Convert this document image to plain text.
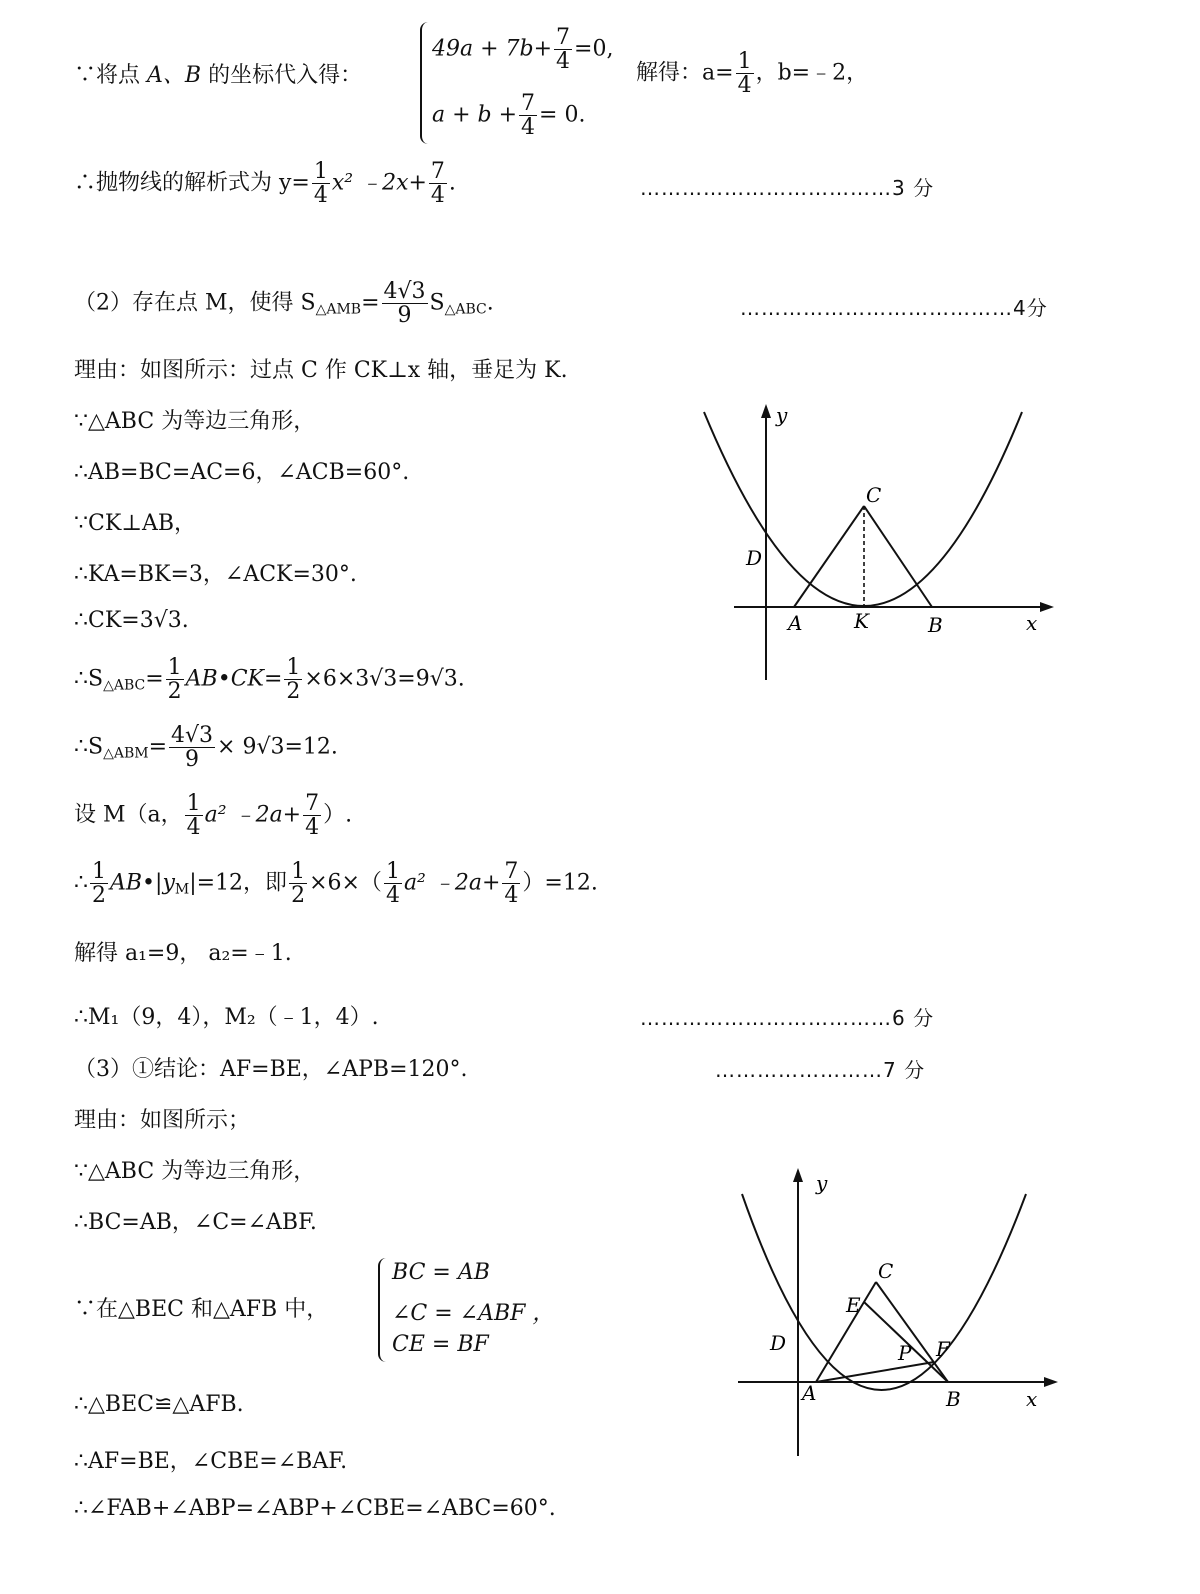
∵将点 A、B 的坐标代入得：
$49a + 7b+ \frac{7}{4} =0$,
$a + b + \frac{7}{4} = 0$.
解得：$a= \frac{1}{4}$ ，b=﹣2，
∴抛物线的解析式为 $y= \frac{1}{4} x^2$ ﹣2x+ $\frac{7}{4}$ .	………………………………3 分
（2）存在点 M，使得 $S_{\triangle AMB}= \frac{4√3}{9} S_{\triangle ABC}$.	…………………………………4分
理由：如图所示：过点 C 作 CK⊥x 轴，垂足为 K.
∵△ABC 为等边三角形，
∴AB=BC=AC=6，∠ACB=60°.
∵CK⊥AB，
∴KA=BK=3，∠ACK=30°.
∴CK=3√3.
$\therefore S_{\triangle ABC}= \frac{1}{2}$ AB•CK= $\frac{1}{2} \times 6\times 3√3=9√3$.
$\therefore S_{\triangle ABM}= \frac{4√3}{9} \times 9√3=12$.
设 M（a， $\frac{1}{4} a^2$ ﹣2a+ $\frac{7}{4}$ ）.
∴ $\frac{1}{2}$ $AB•|y_M|=12$，即 $\frac{1}{2} \times 6\times( \frac{1}{4} a^2$ ﹣2a+ $\frac{7}{4} )=12$.
解得 a₁=9， a₂=﹣1.
∴M₁（9，4），M₂（﹣1，4）.	………………………………6 分
（3）①结论：AF=BE，∠APB=120°.	……………………7 分
理由：如图所示；
∵△ABC 为等边三角形，
∴BC=AB，∠C=∠ABF.
∵在△BEC 和△AFB 中，
BC = AB
∠C = ∠ABF ，
CE = BF
∴△BEC≌△AFB.
∴AF=BE，∠CBE=∠BAF.
∴∠FAB+∠ABP=∠ABP+∠CBE=∠ABC=60°.
y
x
C
D
A	K	B
y
x
C
E
D	P F
A	B
